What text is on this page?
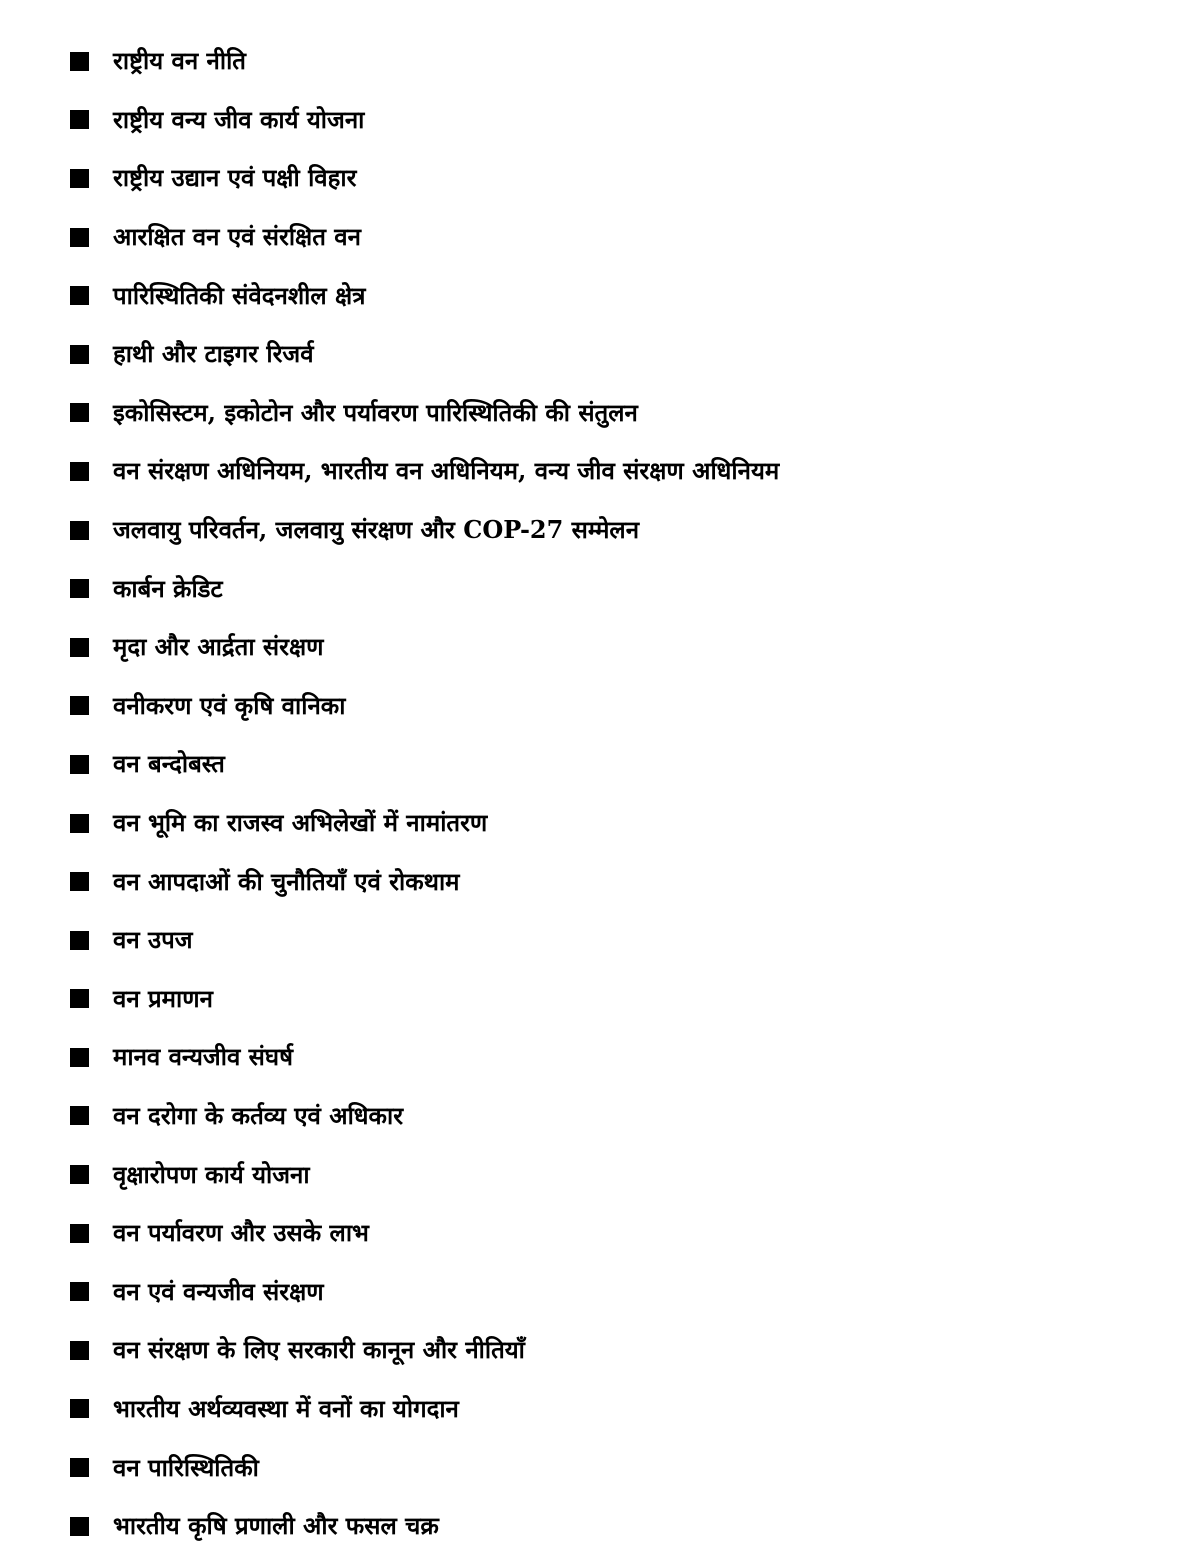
राष्ट्रीय वन नीति
राष्ट्रीय वन्य जीव कार्य योजना
राष्ट्रीय उद्यान एवं पक्षी विहार
आरक्षित वन एवं संरक्षित वन
पारिस्थितिकी संवेदनशील क्षेत्र
हाथी और टाइगर रिजर्व
इकोसिस्टम, इकोटोन और पर्यावरण पारिस्थितिकी की संतुलन
वन संरक्षण अधिनियम, भारतीय वन अधिनियम, वन्य जीव संरक्षण अधिनियम
जलवायु परिवर्तन, जलवायु संरक्षण और COP-27 सम्मेलन
कार्बन क्रेडिट
मृदा और आर्द्रता संरक्षण
वनीकरण एवं कृषि वानिका
वन बन्दोबस्त
वन भूमि का राजस्व अभिलेखों में नामांतरण
वन आपदाओं की चुनौतियाँ एवं रोकथाम
वन उपज
वन प्रमाणन
मानव वन्यजीव संघर्ष
वन दरोगा के कर्तव्य एवं अधिकार
वृक्षारोपण कार्य योजना
वन पर्यावरण और उसके लाभ
वन एवं वन्यजीव संरक्षण
वन संरक्षण के लिए सरकारी कानून और नीतियाँ
भारतीय अर्थव्यवस्था में वनों का योगदान
वन पारिस्थितिकी
भारतीय कृषि प्रणाली और फसल चक्र
